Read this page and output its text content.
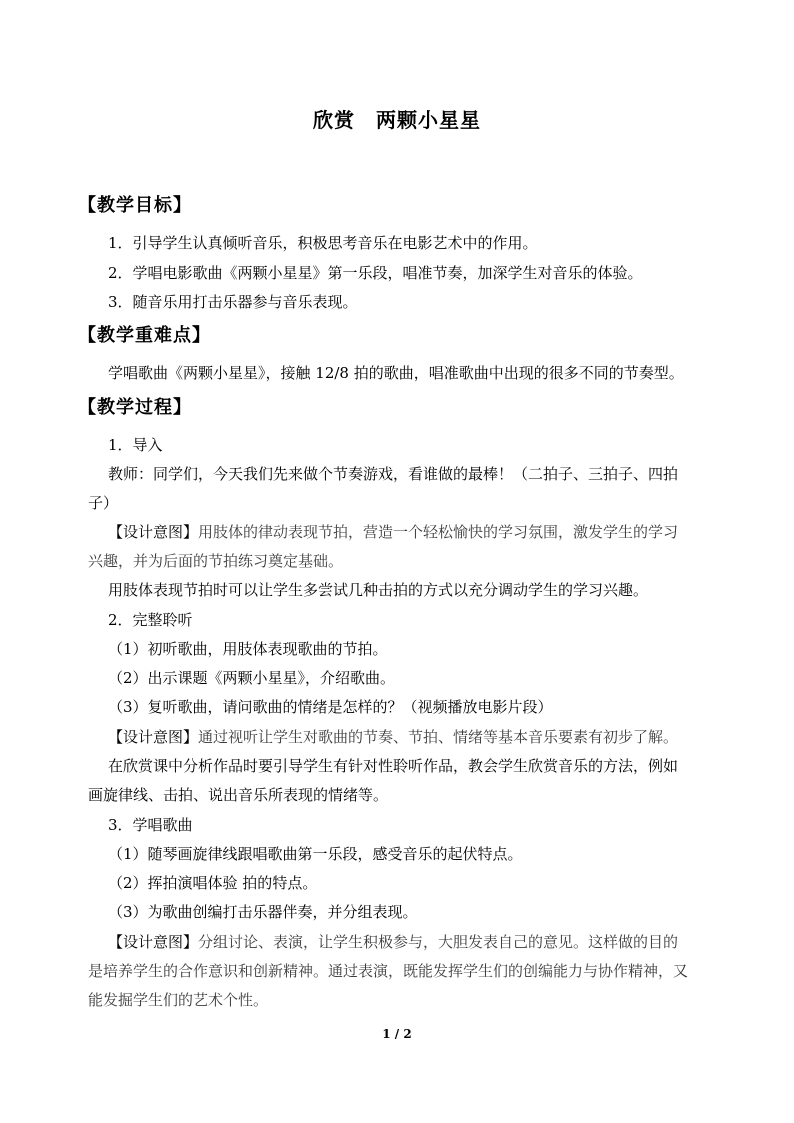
欣赏　两颗小星星
【教学目标】
1．引导学生认真倾听音乐，积极思考音乐在电影艺术中的作用。
2．学唱电影歌曲《两颗小星星》第一乐段，唱准节奏，加深学生对音乐的体验。
3．随音乐用打击乐器参与音乐表现。
【教学重难点】
学唱歌曲《两颗小星星》，接触 12/8 拍的歌曲，唱准歌曲中出现的很多不同的节奏型。
【教学过程】
1．导入
教师：同学们，今天我们先来做个节奏游戏，看谁做的最棒！（二拍子、三拍子、四拍
子）
【设计意图】用肢体的律动表现节拍，营造一个轻松愉快的学习氛围，激发学生的学习
兴趣，并为后面的节拍练习奠定基础。
用肢体表现节拍时可以让学生多尝试几种击拍的方式以充分调动学生的学习兴趣。
2．完整聆听
（1）初听歌曲，用肢体表现歌曲的节拍。
（2）出示课题《两颗小星星》，介绍歌曲。
（3）复听歌曲，请问歌曲的情绪是怎样的？（视频播放电影片段）
【设计意图】通过视听让学生对歌曲的节奏、节拍、情绪等基本音乐要素有初步了解。
在欣赏课中分析作品时要引导学生有针对性聆听作品，教会学生欣赏音乐的方法，例如
画旋律线、击拍、说出音乐所表现的情绪等。
3．学唱歌曲
（1）随琴画旋律线跟唱歌曲第一乐段，感受音乐的起伏特点。
（2）挥拍演唱体验 拍的特点。
（3）为歌曲创编打击乐器伴奏，并分组表现。
【设计意图】分组讨论、表演，让学生积极参与，大胆发表自己的意见。这样做的目的
是培养学生的合作意识和创新精神。通过表演，既能发挥学生们的创编能力与协作精神，又
能发掘学生们的艺术个性。
1 / 2
